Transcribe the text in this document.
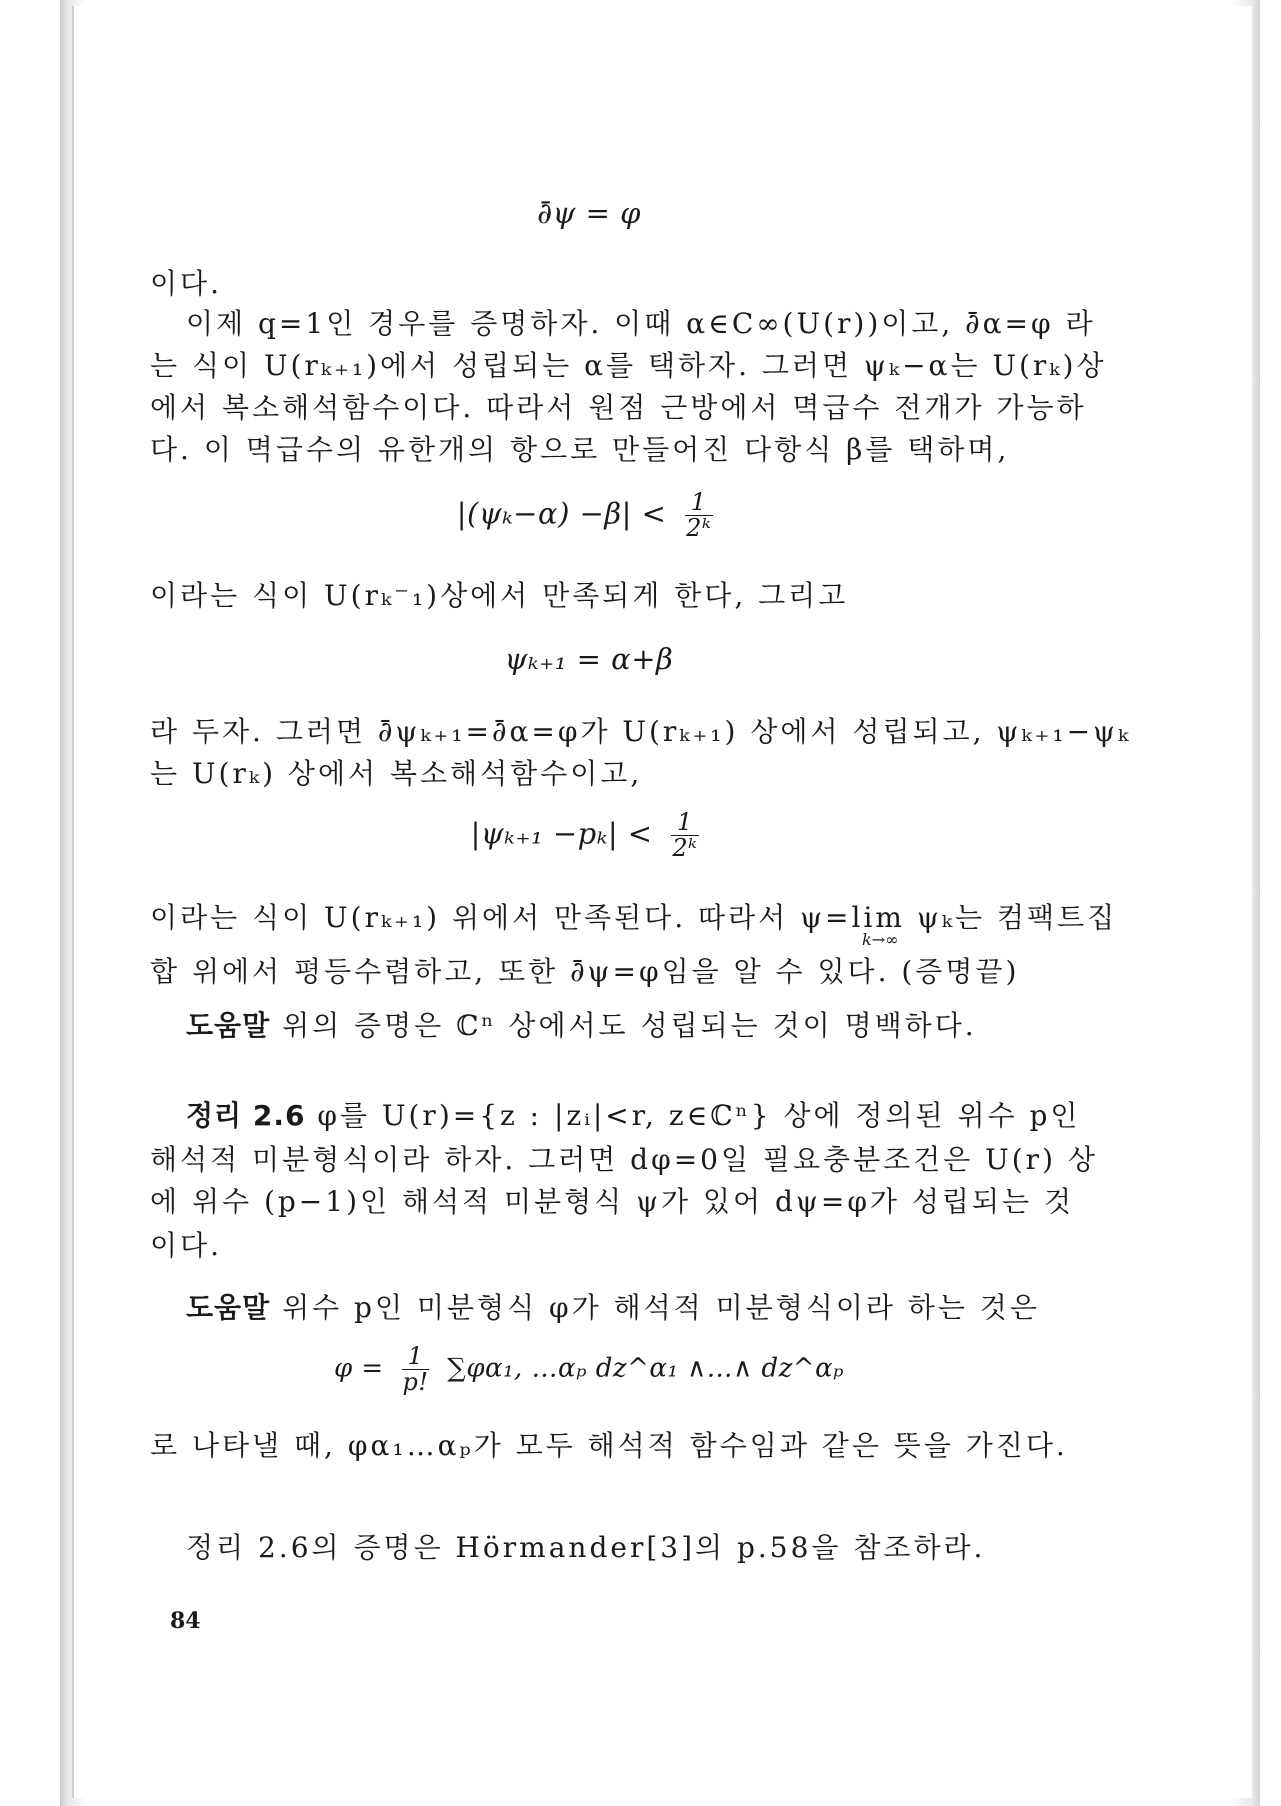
∂̄ψ = φ
이다.
이제 q=1인 경우를 증명하자. 이때 α∈C∞(U(r))이고, ∂̄α=φ 라
는 식이 U(rₖ₊₁)에서 성립되는 α를 택하자. 그러면 ψₖ−α는 U(rₖ)상
에서 복소해석함수이다. 따라서 원점 근방에서 멱급수 전개가 가능하
다. 이 멱급수의 유한개의 항으로 만들어진 다항식 β를 택하며,
$|(\psi_k-\alpha) -\beta| < \frac{1}{\text{2ᵏ}}$
이라는 식이 U(rₖ⁻₁)상에서 만족되게 한다, 그리고
ψₖ₊₁ = α+β
라 두자. 그러면 ∂̄ψₖ₊₁=∂̄α=φ가 U(rₖ₊₁) 상에서 성립되고, ψₖ₊₁−ψₖ
는 U(rₖ) 상에서 복소해석함수이고,
$|\psi_{k+1} -p_k| < \frac{1}{\text{2ᵏ}}$
이라는 식이 U(rₖ₊₁) 위에서 만족된다. 따라서 ψ=lim ψₖ는 컴팩트집
k→∞
합 위에서 평등수렴하고, 또한 ∂̄ψ=φ임을 알 수 있다. (증명끝)
도움말 위의 증명은 ℂⁿ 상에서도 성립되는 것이 명백하다.
정리 2.6 φ를 U(r)={z : |zᵢ|<r, z∈ℂⁿ} 상에 정의된 위수 p인
해석적 미분형식이라 하자. 그러면 dφ=0일 필요충분조건은 U(r) 상
에 위수 (p−1)인 해석적 미분형식 ψ가 있어 dψ=φ가 성립되는 것
이다.
도움말 위수 p인 미분형식 φ가 해석적 미분형식이라 하는 것은
$\varphi = \frac{1}{p!} \sum\varphi\alpha_1$, …αₚ dz^α₁ ∧…∧ dz^αₚ
로 나타낼 때, φα₁…αₚ가 모두 해석적 함수임과 같은 뜻을 가진다.
정리 2.6의 증명은 Hörmander[3]의 p.58을 참조하라.
84
